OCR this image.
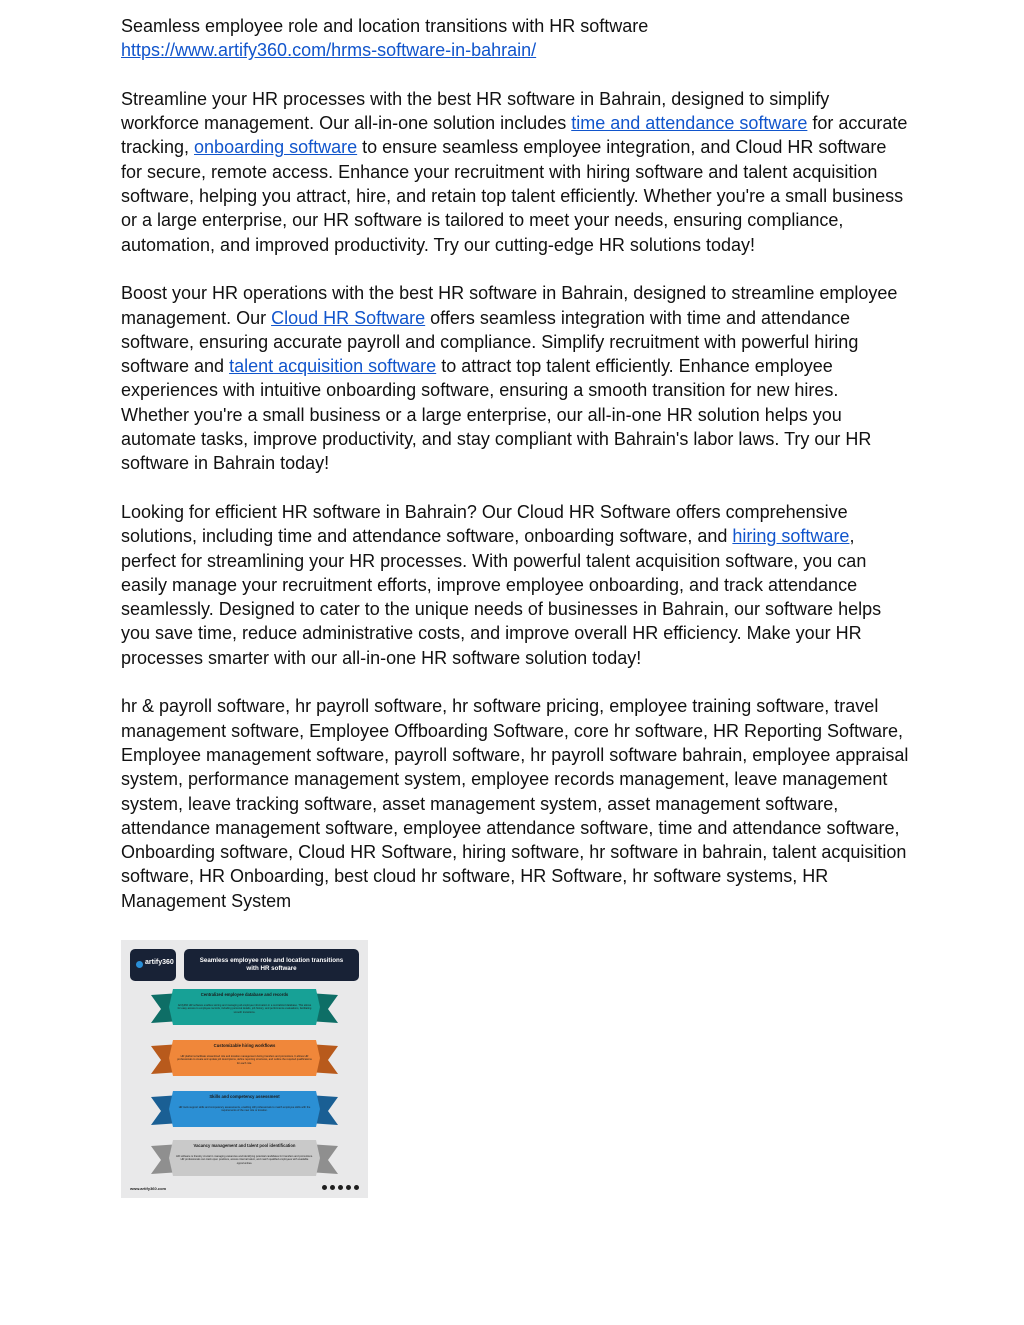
Seamless employee role and location transitions with HR software

https://www.artify360.com/hrms-software-in-bahrain/

Streamline your HR processes with the best HR software in Bahrain, designed to simplify workforce management. Our all-in-one solution includes time and attendance software for accurate tracking, onboarding software to ensure seamless employee integration, and Cloud HR software for secure, remote access. Enhance your recruitment with hiring software and talent acquisition software, helping you attract, hire, and retain top talent efficiently. Whether you're a small business or a large enterprise, our HR software is tailored to meet your needs, ensuring compliance, automation, and improved productivity. Try our cutting-edge HR solutions today!

Boost your HR operations with the best HR software in Bahrain, designed to streamline employee management. Our Cloud HR Software offers seamless integration with time and attendance software, ensuring accurate payroll and compliance. Simplify recruitment with powerful hiring software and talent acquisition software to attract top talent efficiently. Enhance employee experiences with intuitive onboarding software, ensuring a smooth transition for new hires. Whether you're a small business or a large enterprise, our all-in-one HR solution helps you automate tasks, improve productivity, and stay compliant with Bahrain's labor laws. Try our HR software in Bahrain today!

Looking for efficient HR software in Bahrain? Our Cloud HR Software offers comprehensive solutions, including time and attendance software, onboarding software, and hiring software, perfect for streamlining your HR processes. With powerful talent acquisition software, you can easily manage your recruitment efforts, improve employee onboarding, and track attendance seamlessly. Designed to cater to the unique needs of businesses in Bahrain, our software helps you save time, reduce administrative costs, and improve overall HR efficiency. Make your HR processes smarter with our all-in-one HR software solution today!

hr & payroll software, hr payroll software, hr software pricing, employee training software, travel management software, Employee Offboarding Software, core hr software, HR Reporting Software, Employee management software, payroll software, hr payroll software bahrain, employee appraisal system, performance management system, employee records management, leave management system, leave tracking software, asset management system, asset management software, attendance management software, employee attendance software, time and attendance software, Onboarding software, Cloud HR Software, hiring software, hr software in bahrain, talent acquisition software, HR Onboarding, best cloud hr software, HR Software, hr software systems, HR Management System

artify360	Seamless employee role and location transitions with HR software
Centralized employee database and records
Artify360 HR software enables storing and managing all employee information in a centralized database. This allows for easy access to employee records, including personal details, job history, and performance evaluations, facilitating smooth transitions.
Customizable hiring workflows
HR platforms facilitate streamlined role and location management during transfers and promotions. It allows HR professionals to create and update job descriptions, define reporting structures, and outline the required qualifications for each role.
Skills and competency assessment
HR tools support skills and competency assessments, enabling HR professionals to match employee skills with the requirements of the new role or location.
Vacancy management and talent pool identification
HR software is thereby crucial in managing vacancies and identifying potential candidates for transfers and promotions. HR professionals can track open positions, access internal talent, and match qualified employees with available opportunities.
www.artify360.com
